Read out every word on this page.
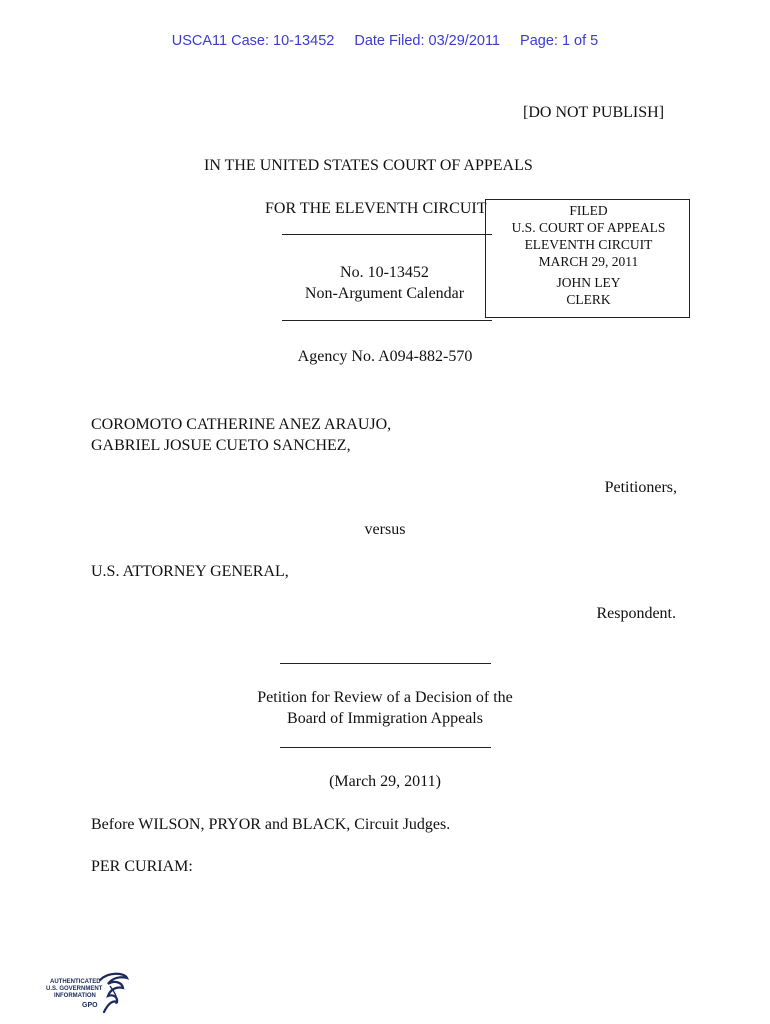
USCA11 Case: 10-13452 Date Filed: 03/29/2011 Page: 1 of 5
[DO NOT PUBLISH]
IN THE UNITED STATES COURT OF APPEALS
FOR THE ELEVENTH CIRCUIT	FILED
U.S. COURT OF APPEALS
ELEVENTH CIRCUIT
MARCH 29, 2011
JOHN LEY
CLERK
No. 10-13452
Non-Argument Calendar
Agency No. A094-882-570
COROMOTO CATHERINE ANEZ ARAUJO,
GABRIEL JOSUE CUETO SANCHEZ,
Petitioners,
versus
U.S. ATTORNEY GENERAL,
Respondent.
Petition for Review of a Decision of the
Board of Immigration Appeals
(March 29, 2011)
Before WILSON, PRYOR and BLACK, Circuit Judges.
PER CURIAM:
AUTHENTICATED
U.S. GOVERNMENT
INFORMATION
GPO
